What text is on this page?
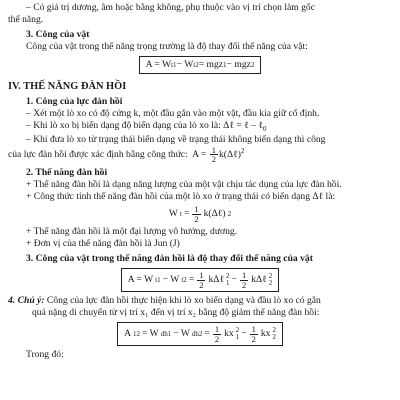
– Có giá trị dương, âm hoặc bằng không, phụ thuộc vào vị trí chọn làm gốc

thế năng.

3. Công của vật

Công của vật trong thế năng trọng trường là độ thay đổi thế năng của vật:

A = W t1 − W t2 = mgz 1 − mgz 2

IV. THẾ NĂNG ĐÀN HỒI

1. Công của lực đàn hồi

– Xét một lò xo có độ cứng k, một đầu gắn vào một vật, đầu kia giữ cố định.

– Khi lò xo bị biến dạng độ biến dạng của lò xo là: Δℓ = ℓ – ℓ$_0$

– Khi đưa lò xo từ trạng thái biến dạng về trạng thái không biến dạng thì công

của lực đàn hồi được xác định bằng công thức: $A = \frac{1}{2}$ k(Δℓ)$^2$

2. Thế năng đàn hồi

+ Thế năng đàn hồi là dạng năng lượng của một vật chịu tác dụng của lực đàn hồi.

+ Công thức tính thế năng đàn hồi của một lò xo ở trạng thái có biến dạng Δℓ là:

W $t = \frac{1}{2}$ k(Δℓ) 2

+ Thế năng đàn hồi là một đại lượng vô hướng, dương.

+ Đơn vị của thế năng đàn hồi là Jun (J)

3. Công của vật trong thế năng đàn hồi là độ thay đổi thế năng của vật

A = W t1 − W $t2 = \frac{1}{2}$ kΔℓ 2
$1 - \frac{1}{2}$ kΔℓ 2
2

4. Chú ý: Công của lực đàn hồi thực hiện khi lò xo biến dạng và đầu lò xo có gắn

quả nặng di chuyển từ vị trí x₁ đến vị trí x₂ bằng độ giảm thế năng đàn hồi:

A 12 = W dh1 − W $dh2 = \frac{1}{2}$ kx 2
$1 - \frac{1}{2}$ kx 2
2

Trong đó:
